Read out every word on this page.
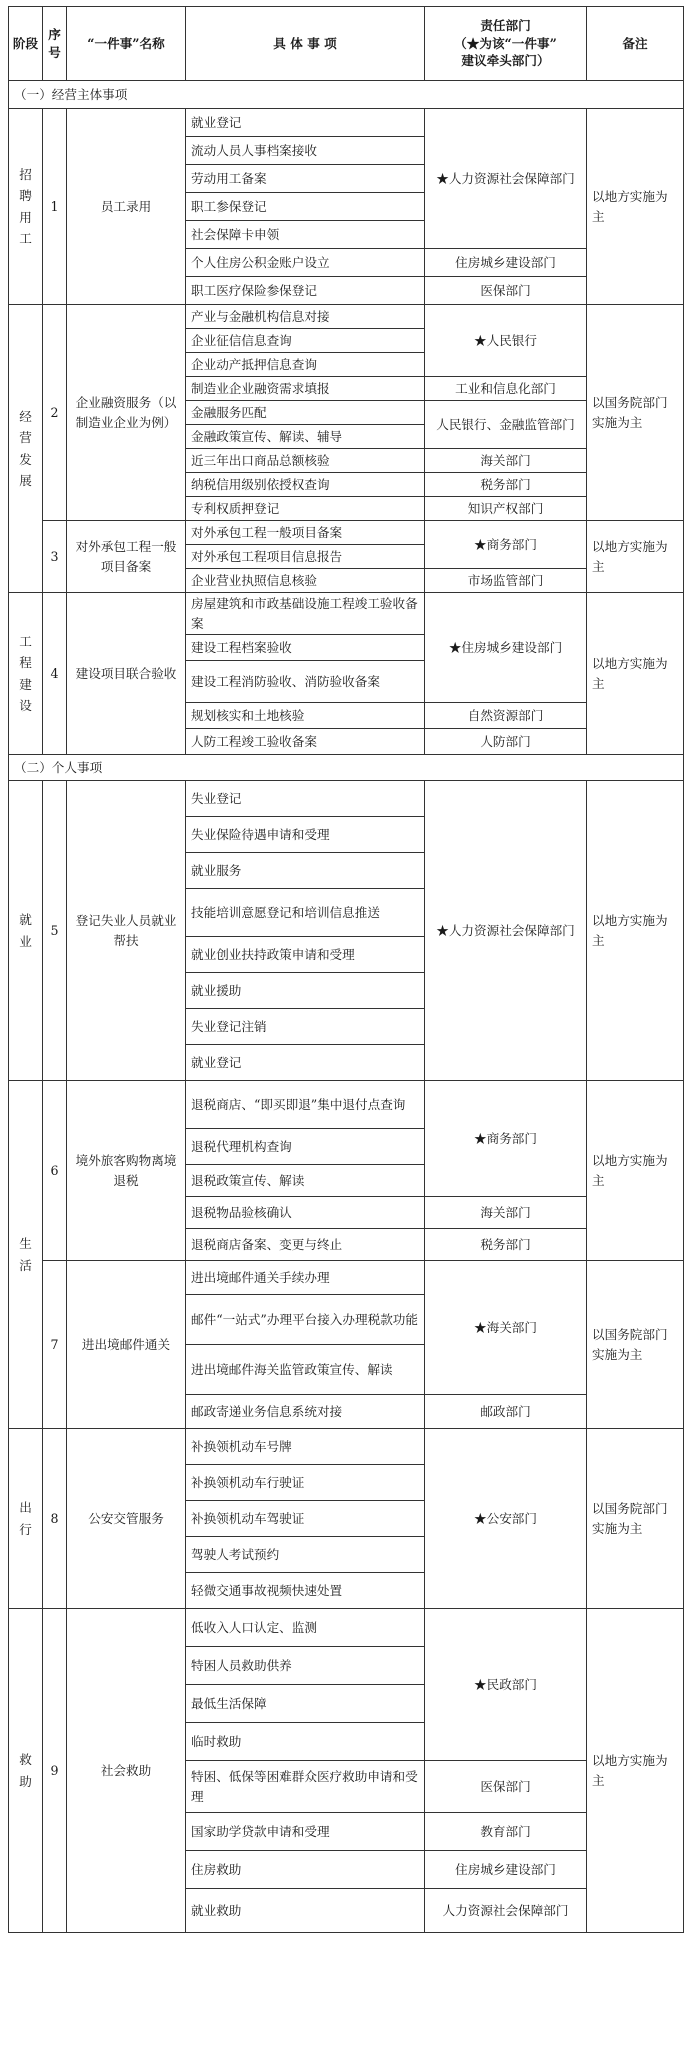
阶段	序号	“一件事”名称	具 体 事 项	责任部门
（★为该“一件事”
建议牵头部门）	备注
（一）经营主体事项					
招聘用工	1	员工录用	就业登记	★人力资源社会保障部门	以地方实施为主
			流动人员人事档案接收		
			劳动用工备案		
			职工参保登记		
			社会保障卡申领		
			个人住房公积金账户设立	住房城乡建设部门	
			职工医疗保险参保登记	医保部门	
经营发展	2	企业融资服务（以制造业企业为例）	产业与金融机构信息对接	★人民银行	以国务院部门实施为主
			企业征信信息查询		
			企业动产抵押信息查询		
			制造业企业融资需求填报	工业和信息化部门	
			金融服务匹配	人民银行、金融监管部门	
			金融政策宣传、解读、辅导		
			近三年出口商品总额核验	海关部门	
			纳税信用级别依授权查询	税务部门	
			专利权质押登记	知识产权部门	
	3	对外承包工程一般项目备案	对外承包工程一般项目备案	★商务部门	以地方实施为主
			对外承包工程项目信息报告		
			企业营业执照信息核验	市场监管部门	
工程建设	4	建设项目联合验收	房屋建筑和市政基础设施工程竣工验收备案	★住房城乡建设部门	以地方实施为主
			建设工程档案验收		
			建设工程消防验收、消防验收备案		
			规划核实和土地核验	自然资源部门	
			人防工程竣工验收备案	人防部门	
（二）个人事项					
就业	5	登记失业人员就业帮扶	失业登记	★人力资源社会保障部门	以地方实施为主
			失业保险待遇申请和受理		
			就业服务		
			技能培训意愿登记和培训信息推送		
			就业创业扶持政策申请和受理		
			就业援助		
			失业登记注销		
			就业登记		
生活	6	境外旅客购物离境退税	退税商店、“即买即退”集中退付点查询	★商务部门	以地方实施为主
			退税代理机构查询		
			退税政策宣传、解读		
			退税物品验核确认	海关部门	
			退税商店备案、变更与终止	税务部门	
	7	进出境邮件通关	进出境邮件通关手续办理	★海关部门	以国务院部门实施为主
			邮件“一站式”办理平台接入办理税款功能		
			进出境邮件海关监管政策宣传、解读		
			邮政寄递业务信息系统对接	邮政部门	
出行	8	公安交管服务	补换领机动车号牌	★公安部门	以国务院部门实施为主
			补换领机动车行驶证		
			补换领机动车驾驶证		
			驾驶人考试预约		
			轻微交通事故视频快速处置		
救助	9	社会救助	低收入人口认定、监测	★民政部门	以地方实施为主
			特困人员救助供养		
			最低生活保障		
			临时救助		
			特困、低保等困难群众医疗救助申请和受理	医保部门	
			国家助学贷款申请和受理	教育部门	
			住房救助	住房城乡建设部门	
			就业救助	人力资源社会保障部门	
